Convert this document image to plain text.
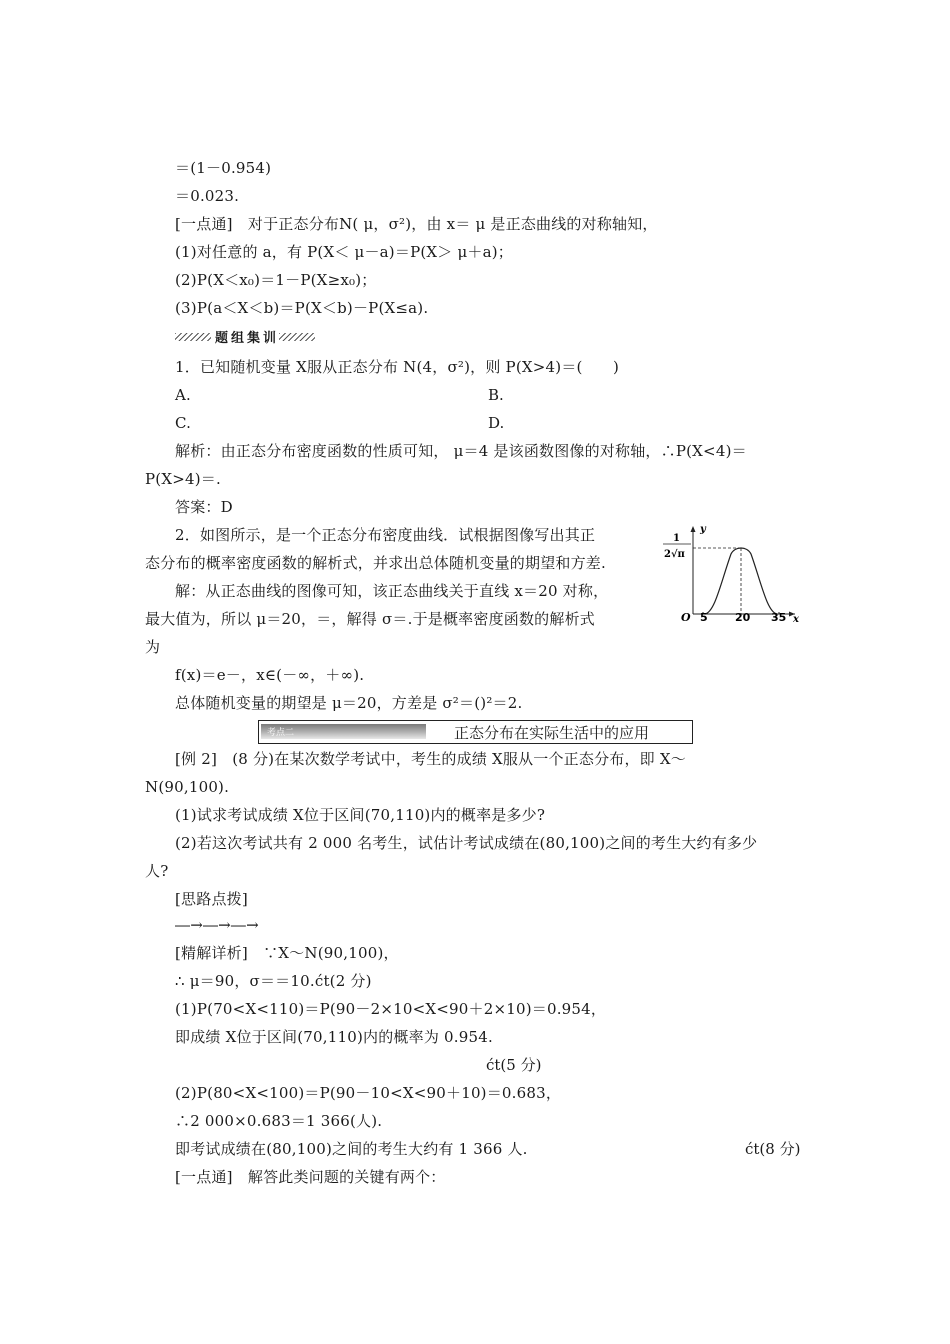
＝(1－0.954)
＝0.023.
[一点通]　对于正态分布N( μ，σ²)，由 x＝ μ 是正态曲线的对称轴知，
(1)对任意的 a，有 P(X＜ μ－a)＝P(X＞ μ＋a)；
(2)P(X＜x₀)＝1－P(X≥x₀)；
(3)P(a＜X＜b)＝P(X＜b)－P(X≤a).
题组集训
1．已知随机变量 X服从正态分布 N(4，σ²)，则 P(X>4)＝(　　)
A.	B.
C.	D.
解析：由正态分布密度函数的性质可知， μ＝4 是该函数图像的对称轴，∴P(X<4)＝
P(X>4)＝.
答案：D
2．如图所示，是一个正态分布密度曲线．试根据图像写出其正
态分布的概率密度函数的解析式，并求出总体随机变量的期望和方差.
解：从正态曲线的图像可知，该正态曲线关于直线 x＝20 对称，
最大值为，所以 μ＝20，＝，解得 σ＝.于是概率密度函数的解析式
为
f(x)＝e－，x∈(－∞，＋∞).
总体随机变量的期望是 μ＝20，方差是 σ²＝()²＝2.
y
x
O
1
2√π
5 20 35
考点二	正态分布在实际生活中的应用
[例 2]　(8 分)在某次数学考试中，考生的成绩 X服从一个正态分布，即 X～
N(90,100).
(1)试求考试成绩 X位于区间(70,110)内的概率是多少?
(2)若这次考试共有 2 000 名考生，试估计考试成绩在(80,100)之间的考生大约有多少
人?
[思路点拨]
―→―→―→
[精解详析]　∵X～N(90,100)，
∴ μ＝90，σ＝＝10.ćt(2 分)
(1)P(70<X<110)＝P(90－2×10<X<90＋2×10)＝0.954，
即成绩 X位于区间(70,110)内的概率为 0.954.
ćt(5 分)
(2)P(80<X<100)＝P(90－10<X<90＋10)＝0.683，
∴2 000×0.683＝1 366(人).
即考试成绩在(80,100)之间的考生大约有 1 366 人.	ćt(8 分)
[一点通]　解答此类问题的关键有两个：
